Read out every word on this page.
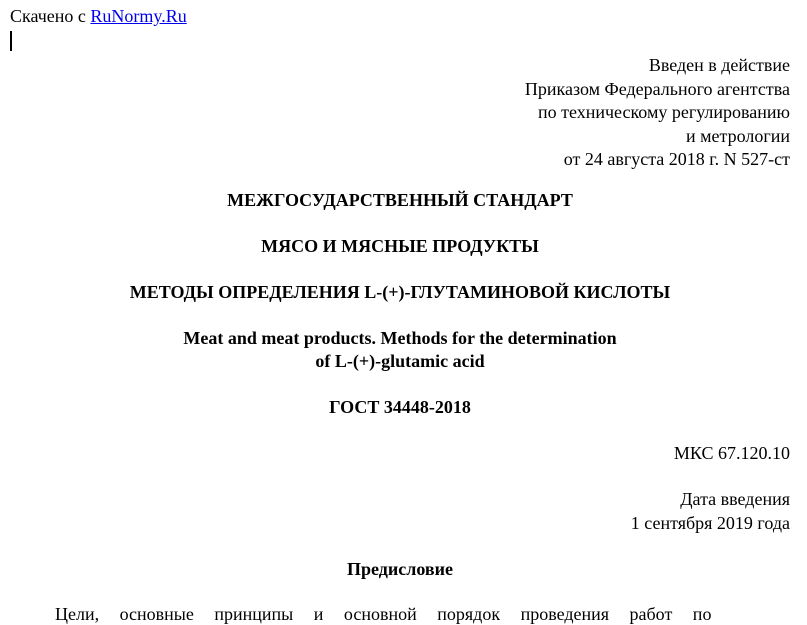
Скачено с RuNormy.Ru
Введен в действие
Приказом Федерального агентства
по техническому регулированию
и метрологии
от 24 августа 2018 г. N 527-ст
МЕЖГОСУДАРСТВЕННЫЙ СТАНДАРТ
МЯСО И МЯСНЫЕ ПРОДУКТЫ
МЕТОДЫ ОПРЕДЕЛЕНИЯ L-(+)-ГЛУТАМИНОВОЙ КИСЛОТЫ
Meat and meat products. Methods for the determination
of L-(+)-glutamic acid
ГОСТ 34448-2018
МКС 67.120.10
Дата введения
1 сентября 2019 года
Предисловие
Цели, основные принципы и основной порядок проведения работ по
